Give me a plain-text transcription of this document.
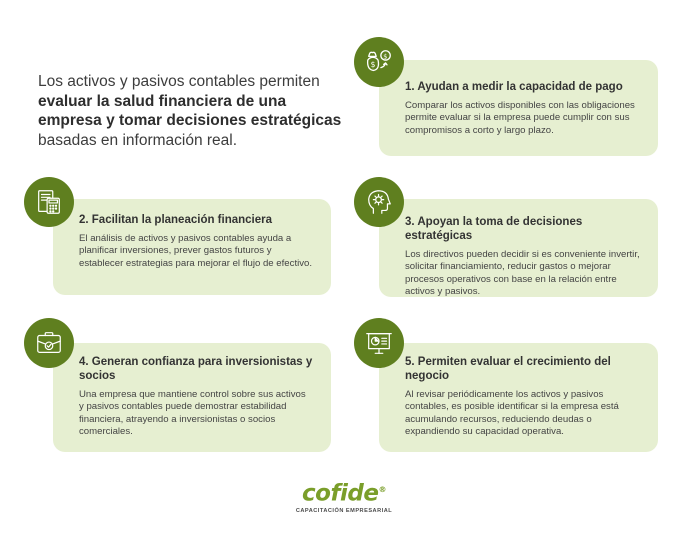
Los activos y pasivos contables permiten evaluar la salud financiera de una empresa y tomar decisiones estratégicas basadas en información real.
1. Ayudan a medir la capacidad de pago

Comparar los activos disponibles con las obligaciones permite evaluar si la empresa puede cumplir con sus compromisos a corto y largo plazo.

$
$
2. Facilitan la planeación financiera

El análisis de activos y pasivos contables ayuda a planificar inversiones, prever gastos futuros y establecer estrategias para mejorar el flujo de efectivo.

3. Apoyan la toma de decisiones estratégicas

Los directivos pueden decidir si es conveniente invertir, solicitar financiamiento, reducir gastos o mejorar procesos operativos con base en la relación entre activos y pasivos.

4. Generan confianza para inversionistas y socios

Una empresa que mantiene control sobre sus activos y pasivos contables puede demostrar estabilidad financiera, atrayendo a inversionistas o socios comerciales.

5. Permiten evaluar el crecimiento del negocio

Al revisar periódicamente los activos y pasivos contables, es posible identificar si la empresa está acumulando recursos, reduciendo deudas o expandiendo su capacidad operativa.

cofide®
CAPACITACIÓN EMPRESARIAL
